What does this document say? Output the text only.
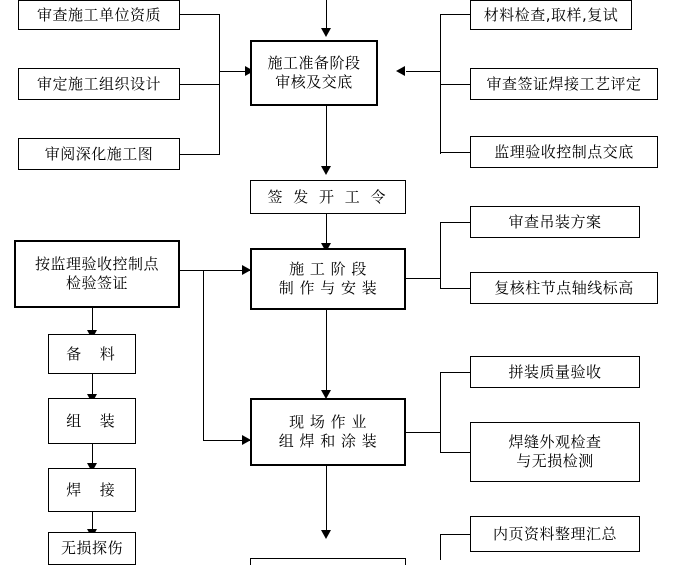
审查施工单位资质
审定施工组织设计
审阅深化施工图
施工准备阶段
审核及交底
材料检查,取样,复试
审查签证焊接工艺评定
监理验收控制点交底
签 发 开 工 令
按监理验收控制点
检验签证
施 工 阶 段
制 作 与 安 装
审查吊装方案
复核柱节点轴线标高
备  料
组  装
焊  接
无损探伤
现 场 作 业
组 焊 和 涂 装
拼装质量验收
焊缝外观检查
与无损检测
内页资料整理汇总
